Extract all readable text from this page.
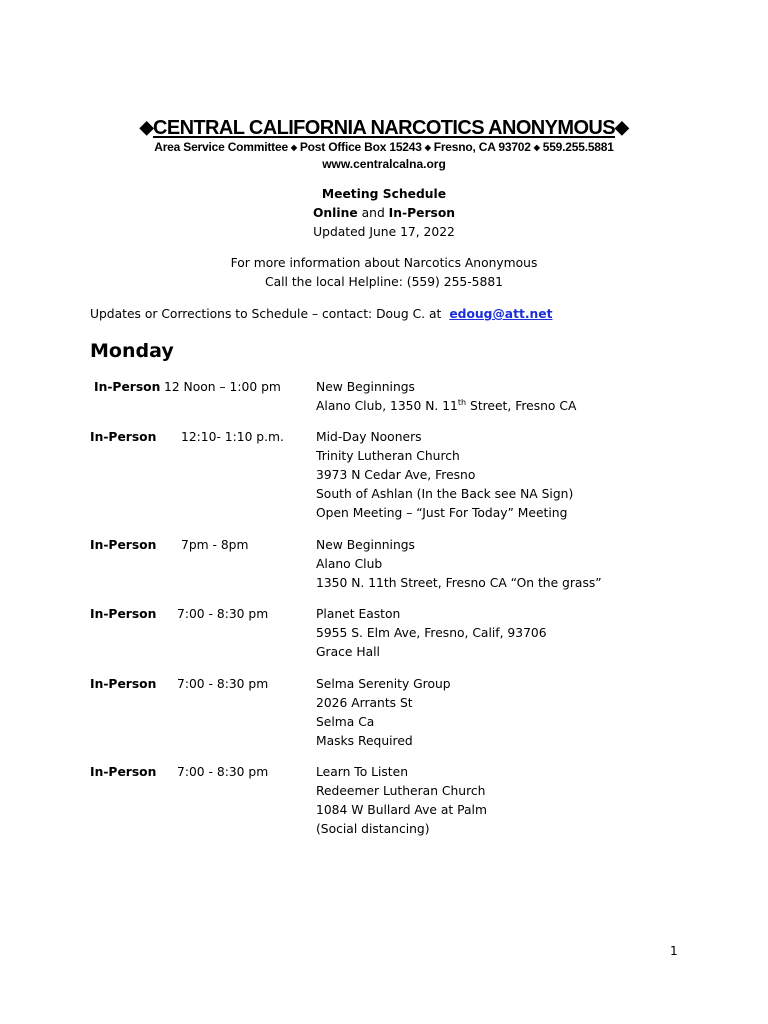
◆CENTRAL CALIFORNIA NARCOTICS ANONYMOUS◆
Area Service Committee ◆ Post Office Box 15243 ◆ Fresno, CA 93702 ◆ 559.255.5881
www.centralcalna.org
Meeting Schedule
Online and In-Person
Updated June 17, 2022
For more information about Narcotics Anonymous
Call the local Helpline: (559) 255-5881
Updates or Corrections to Schedule – contact: Doug C. at edoug@att.net
Monday
In-Person 12 Noon – 1:00 pm	New Beginnings
Alano Club, 1350 N. 11th Street, Fresno CA
In-Person 12:10- 1:10 p.m.	Mid-Day Nooners
Trinity Lutheran Church
3973 N Cedar Ave, Fresno
South of Ashlan (In the Back see NA Sign)
Open Meeting – “Just For Today” Meeting
In-Person 7pm - 8pm	New Beginnings
Alano Club
1350 N. 11th Street, Fresno CA “On the grass”
In-Person 7:00 - 8:30 pm	Planet Easton
5955 S. Elm Ave, Fresno, Calif, 93706
Grace Hall
In-Person 7:00 - 8:30 pm	Selma Serenity Group
2026 Arrants St
Selma Ca
Masks Required
In-Person 7:00 - 8:30 pm	Learn To Listen
Redeemer Lutheran Church
1084 W Bullard Ave at Palm
(Social distancing)
1
